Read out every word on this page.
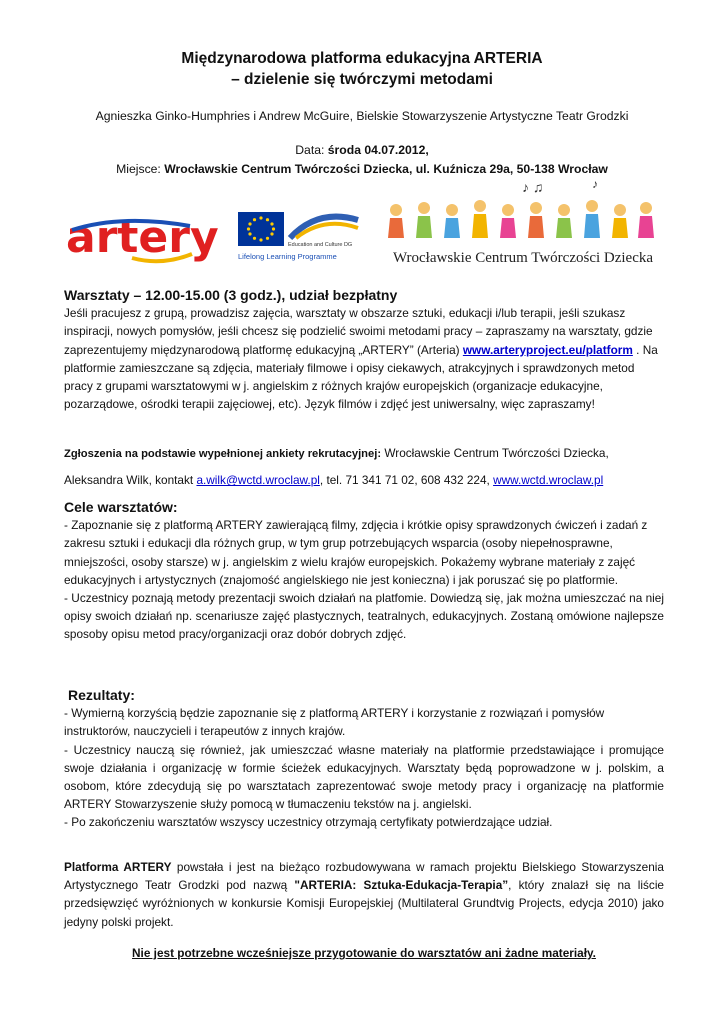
Międzynarodowa platforma edukacyjna ARTERIA
– dzielenie się twórczymi metodami
Agnieszka Ginko-Humphries i Andrew McGuire, Bielskie Stowarzyszenie Artystyczne Teatr Grodzki
Data: środa 04.07.2012,
Miejsce: Wrocławskie Centrum Twórczości Dziecka, ul. Kuźnicza 29a, 50-138 Wrocław
artery	Education and Culture DG
Lifelong Learning Programme
♪ ♫	♪
Wrocławskie Centrum Twórczości Dziecka
Warsztaty – 12.00-15.00 (3 godz.), udział bezpłatny
Jeśli pracujesz z grupą, prowadzisz zajęcia, warsztaty w obszarze sztuki, edukacji i/lub terapii, jeśli szukasz inspiracji, nowych pomysłów, jeśli chcesz się podzielić swoimi metodami pracy – zapraszamy na warsztaty, gdzie zaprezentujemy międzynarodową platformę edukacyjną „ARTERY” (Arteria) www.arteryproject.eu/platform . Na platformie zamieszczane są zdjęcia, materiały filmowe i opisy ciekawych, atrakcyjnych i sprawdzonych metod pracy z grupami warsztatowymi w j. angielskim z różnych krajów europejskich (organizacje edukacyjne, pozarządowe, ośrodki terapii zajęciowej, etc). Język filmów i zdjęć jest uniwersalny, więc zapraszamy!
Zgłoszenia na podstawie wypełnionej ankiety rekrutacyjnej: Wrocławskie Centrum Twórczości Dziecka,
Aleksandra Wilk, kontakt a.wilk@wctd.wroclaw.pl, tel. 71 341 71 02, 608 432 224, www.wctd.wroclaw.pl
Cele warsztatów:
- Zapoznanie się z platformą ARTERY zawierającą filmy, zdjęcia i krótkie opisy sprawdzonych ćwiczeń i zadań z zakresu sztuki i edukacji dla różnych grup, w tym grup potrzebujących wsparcia (osoby niepełnosprawne, mniejszości, osoby starsze) w j. angielskim z wielu krajów europejskich. Pokażemy wybrane materiały z zajęć edukacyjnych i artystycznych (znajomość angielskiego nie jest konieczna) i jak poruszać się po platformie.
- Uczestnicy poznają metody prezentacji swoich działań na platfomie. Dowiedzą się, jak można umieszczać na niej opisy swoich działań np. scenariusze zajęć plastycznych, teatralnych, edukacyjnych. Zostaną omówione najlepsze sposoby opisu metod pracy/organizacji oraz dobór dobrych zdjęć.
Rezultaty:
- Wymierną korzyścią będzie zapoznanie się z platformą ARTERY i korzystanie z rozwiązań i pomysłów instruktorów, nauczycieli i terapeutów z innych krajów.
- Uczestnicy nauczą się również, jak umieszczać własne materiały na platformie przedstawiające i promujące swoje działania i organizację w formie ścieżek edukacyjnych. Warsztaty będą poprowadzone w j. polskim, a osobom, które zdecydują się po warsztatach zaprezentować swoje metody pracy i organizację na platformie ARTERY Stowarzyszenie służy pomocą w tłumaczeniu tekstów na j. angielski.
- Po zakończeniu warsztatów wszyscy uczestnicy otrzymają certyfikaty potwierdzające udział.
Platforma ARTERY powstała i jest na bieżąco rozbudowywana w ramach projektu Bielskiego Stowarzyszenia Artystycznego Teatr Grodzki pod nazwą "ARTERIA: Sztuka-Edukacja-Terapia”, który znalazł się na liście przedsięwzięć wyróżnionych w konkursie Komisji Europejskiej (Multilateral Grundtvig Projects, edycja 2010) jako jedyny polski projekt.
Nie jest potrzebne wcześniejsze przygotowanie do warsztatów ani żadne materiały.
